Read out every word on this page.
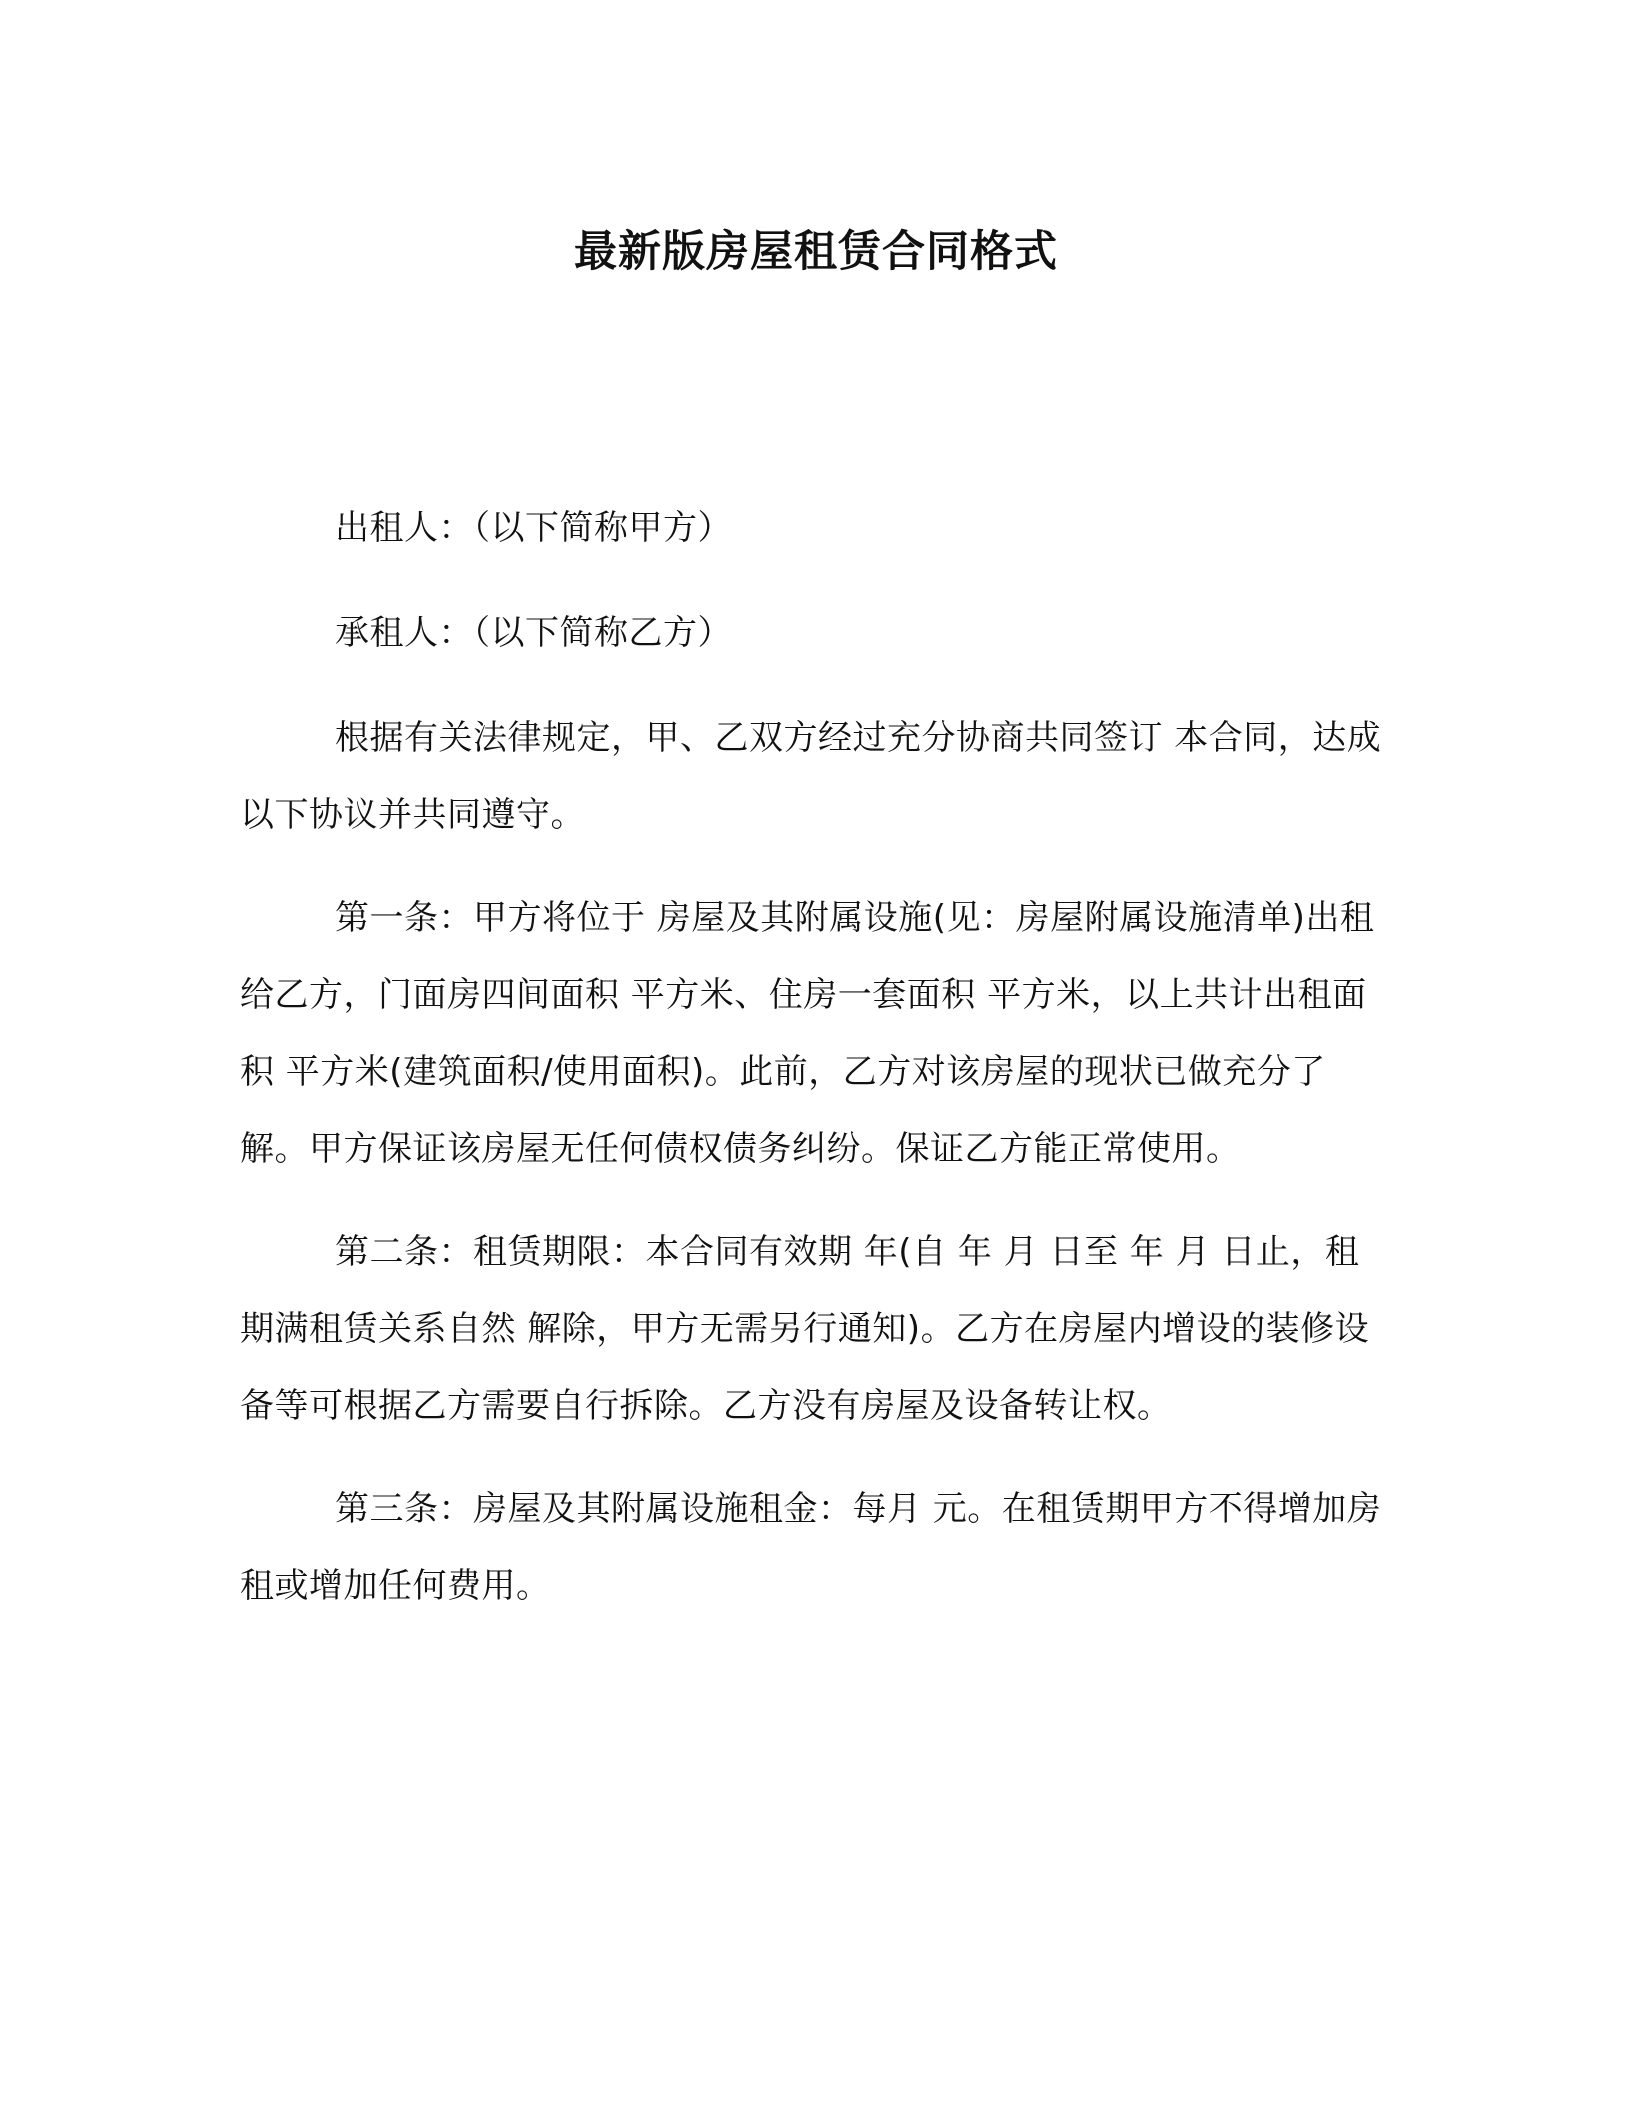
最新版房屋租赁合同格式

出租人：（以下简称甲方）

承租人：（以下简称乙方）

根据有关法律规定，甲、乙双方经过充分协商共同签订 本合同，达成以下协议并共同遵守。

第一条：甲方将位于 房屋及其附属设施(见：房屋附属设施清单)出租给乙方，门面房四间面积 平方米、住房一套面积 平方米，以上共计出租面积 平方米(建筑面积/使用面积)。此前，乙方对该房屋的现状已做充分了解。甲方保证该房屋无任何债权债务纠纷。保证乙方能正常使用。

第二条：租赁期限：本合同有效期 年(自 年 月 日至 年 月 日止，租期满租赁关系自然 解除，甲方无需另行通知)。乙方在房屋内增设的装修设备等可根据乙方需要自行拆除。乙方没有房屋及设备转让权。

第三条：房屋及其附属设施租金：每月 元。在租赁期甲方不得增加房租或增加任何费用。
